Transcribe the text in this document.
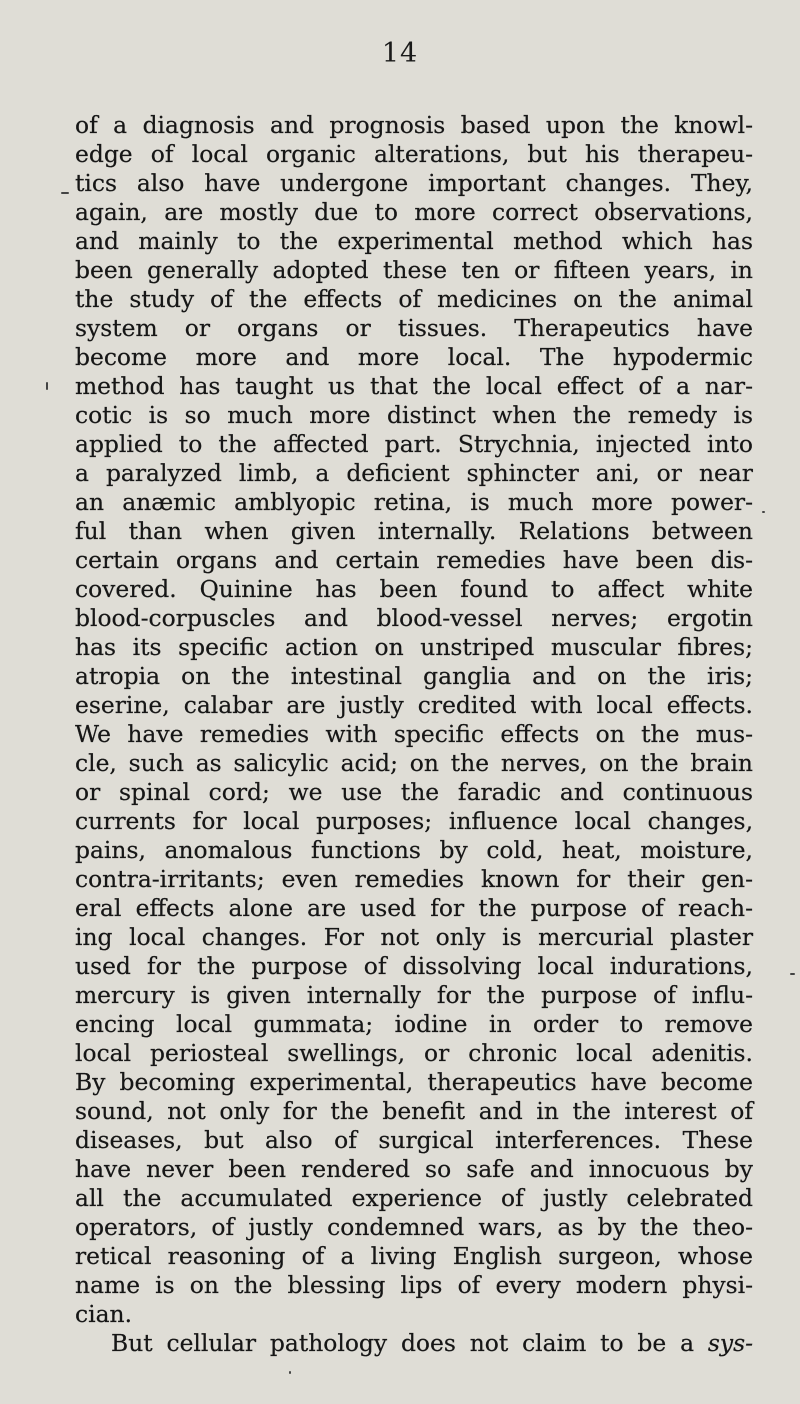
14
of a diagnosis and prognosis based upon the knowl-
edge of local organic alterations, but his therapeu-
tics also have undergone important changes. They,
again, are mostly due to more correct observations,
and mainly to the experimental method which has
been generally adopted these ten or fifteen years, in
the study of the effects of medicines on the animal
system or organs or tissues. Therapeutics have
become more and more local. The hypodermic
method has taught us that the local effect of a nar-
cotic is so much more distinct when the remedy is
applied to the affected part. Strychnia, injected into
a paralyzed limb, a deficient sphincter ani, or near
an anæmic amblyopic retina, is much more power-
ful than when given internally. Relations between
certain organs and certain remedies have been dis-
covered. Quinine has been found to affect white
blood-corpuscles and blood-vessel nerves; ergotin
has its specific action on unstriped muscular fibres;
atropia on the intestinal ganglia and on the iris;
eserine, calabar are justly credited with local effects.
We have remedies with specific effects on the mus-
cle, such as salicylic acid; on the nerves, on the brain
or spinal cord; we use the faradic and continuous
currents for local purposes; influence local changes,
pains, anomalous functions by cold, heat, moisture,
contra-irritants; even remedies known for their gen-
eral effects alone are used for the purpose of reach-
ing local changes. For not only is mercurial plaster
used for the purpose of dissolving local indurations,
mercury is given internally for the purpose of influ-
encing local gummata; iodine in order to remove
local periosteal swellings, or chronic local adenitis.
By becoming experimental, therapeutics have become
sound, not only for the benefit and in the interest of
diseases, but also of surgical interferences. These
have never been rendered so safe and innocuous by
all the accumulated experience of justly celebrated
operators, of justly condemned wars, as by the theo-
retical reasoning of a living English surgeon, whose
name is on the blessing lips of every modern physi-
cian.
But cellular pathology does not claim to be a sys-
